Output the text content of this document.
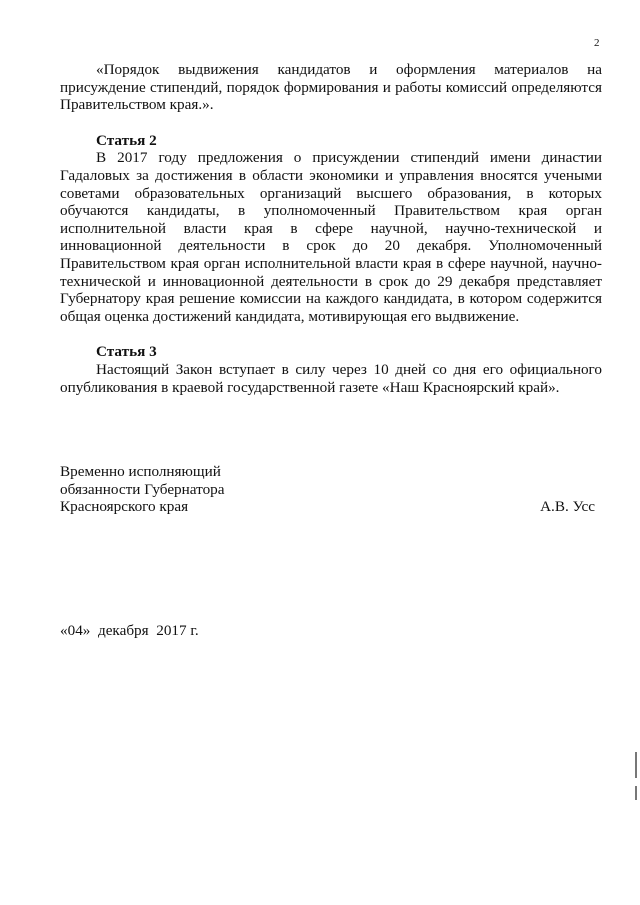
2

«Порядок выдвижения кандидатов и оформления материалов на присуждение стипендий, порядок формирования и работы комиссий определяются Правительством края.».

Статья 2

В 2017 году предложения о присуждении стипендий имени династии Гадаловых за достижения в области экономики и управления вносятся учеными советами образовательных организаций высшего образования, в которых обучаются кандидаты, в уполномоченный Правительством края орган исполнительной власти края в сфере научной, научно-технической и инновационной деятельности в срок до 20 декабря. Уполномоченный Правительством края орган исполнительной власти края в сфере научной, научно-технической и инновационной деятельности в срок до 29 декабря представляет Губернатору края решение комиссии на каждого кандидата, в котором содержится общая оценка достижений кандидата, мотивирующая его выдвижение.

Статья 3

Настоящий Закон вступает в силу через 10 дней со дня его официального опубликования в краевой государственной газете «Наш Красноярский край».

Временно исполняющий
обязанности Губернатора
Красноярского края	А.В. Усс
«04»  декабря  2017 г.
